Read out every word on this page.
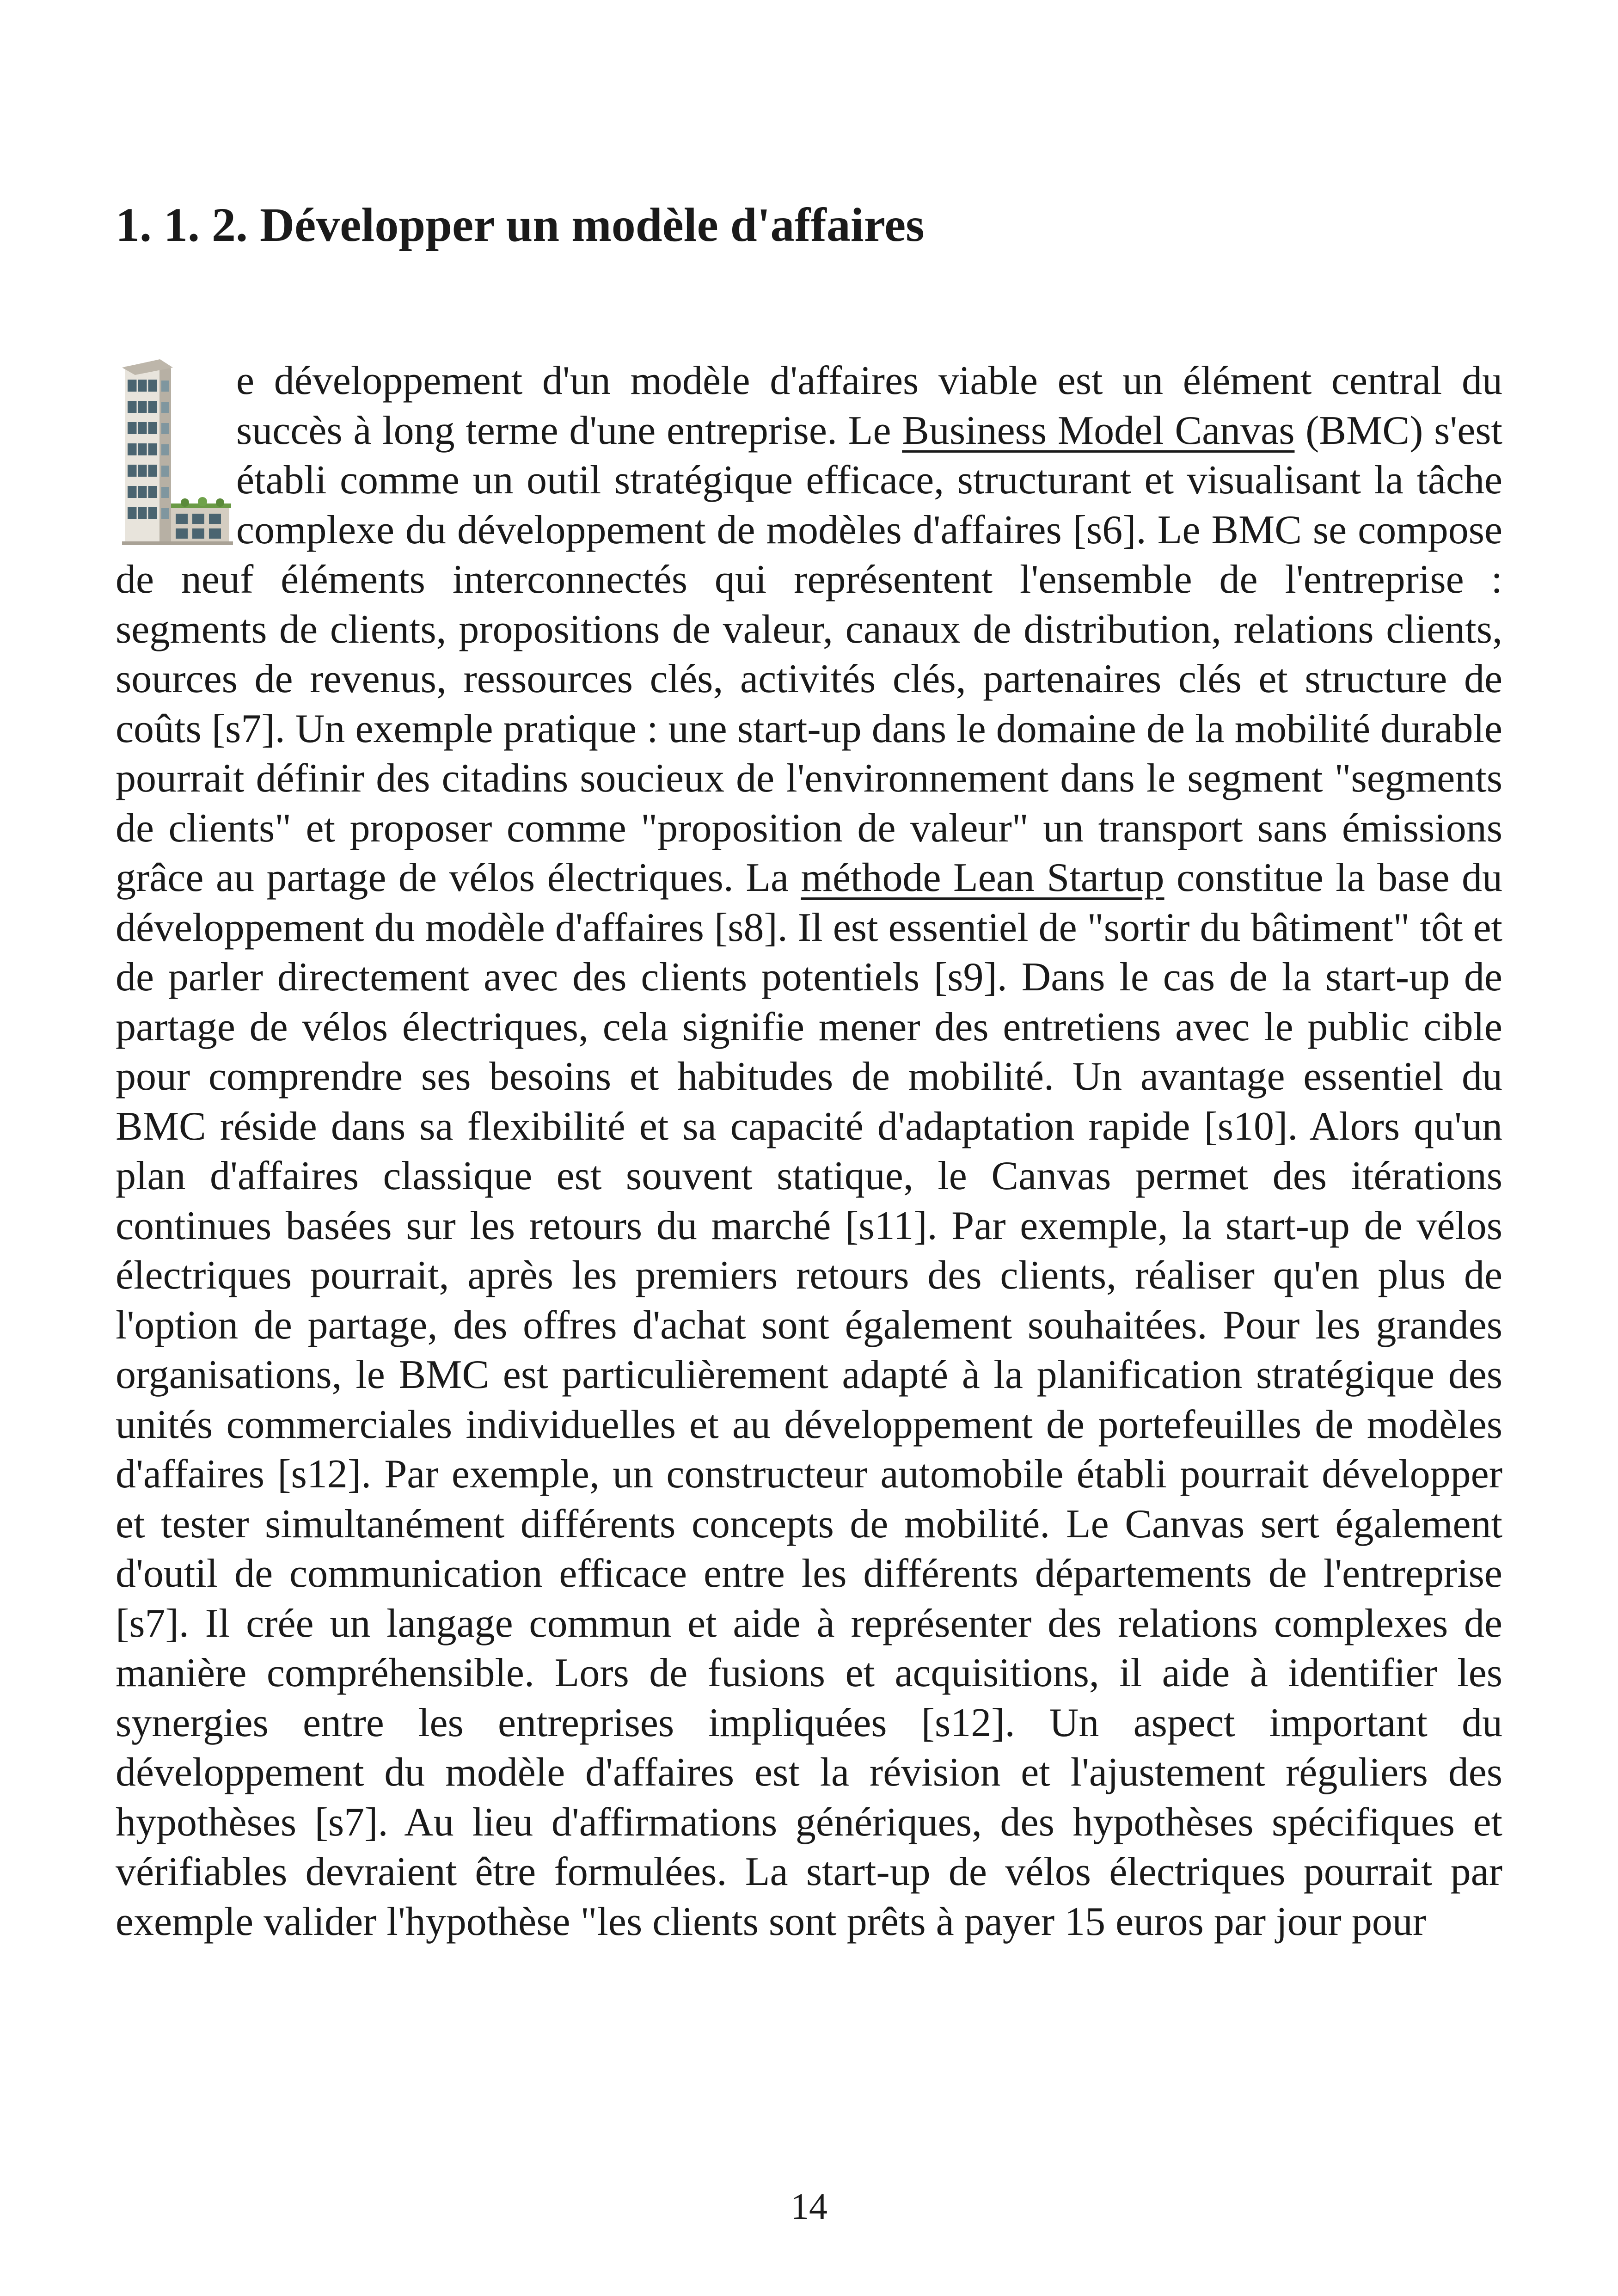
1. 1. 2. Développer un modèle d'affaires

e développement d'un modèle d'affaires viable est un élément central du succès à long terme d'une entreprise. Le Business Model Canvas (BMC) s'est établi comme un outil stratégique efficace, structurant et visualisant la tâche complexe du développement de modèles d'affaires [s6]. Le BMC se compose de neuf éléments interconnectés qui représentent l'ensemble de l'entreprise : segments de clients, propositions de valeur, canaux de distribution, relations clients, sources de revenus, ressources clés, activités clés, partenaires clés et structure de coûts [s7]. Un exemple pratique : une start-up dans le domaine de la mobilité durable pourrait définir des citadins soucieux de l'environnement dans le segment "segments de clients" et proposer comme "proposition de valeur" un transport sans émissions grâce au partage de vélos électriques. La méthode Lean Startup constitue la base du développement du modèle d'affaires [s8]. Il est essentiel de "sortir du bâtiment" tôt et de parler directement avec des clients potentiels [s9]. Dans le cas de la start-up de partage de vélos électriques, cela signifie mener des entretiens avec le public cible pour comprendre ses besoins et habitudes de mobilité. Un avantage essentiel du BMC réside dans sa flexibilité et sa capacité d'adaptation rapide [s10]. Alors qu'un plan d'affaires classique est souvent statique, le Canvas permet des itérations continues basées sur les retours du marché [s11]. Par exemple, la start-up de vélos électriques pourrait, après les premiers retours des clients, réaliser qu'en plus de l'option de partage, des offres d'achat sont également souhaitées. Pour les grandes organisations, le BMC est particulièrement adapté à la planification stratégique des unités commerciales individuelles et au développement de portefeuilles de modèles d'affaires [s12]. Par exemple, un constructeur automobile établi pourrait développer et tester simultanément différents concepts de mobilité. Le Canvas sert également d'outil de communication efficace entre les différents départements de l'entreprise [s7]. Il crée un langage commun et aide à représenter des relations complexes de manière compréhensible. Lors de fusions et acquisitions, il aide à identifier les synergies entre les entreprises impliquées [s12]. Un aspect important du développement du modèle d'affaires est la révision et l'ajustement réguliers des hypothèses [s7]. Au lieu d'affirmations génériques, des hypothèses spécifiques et vérifiables devraient être formulées. La start-up de vélos électriques pourrait par exemple valider l'hypothèse "les clients sont prêts à payer 15 euros par jour pour

14
